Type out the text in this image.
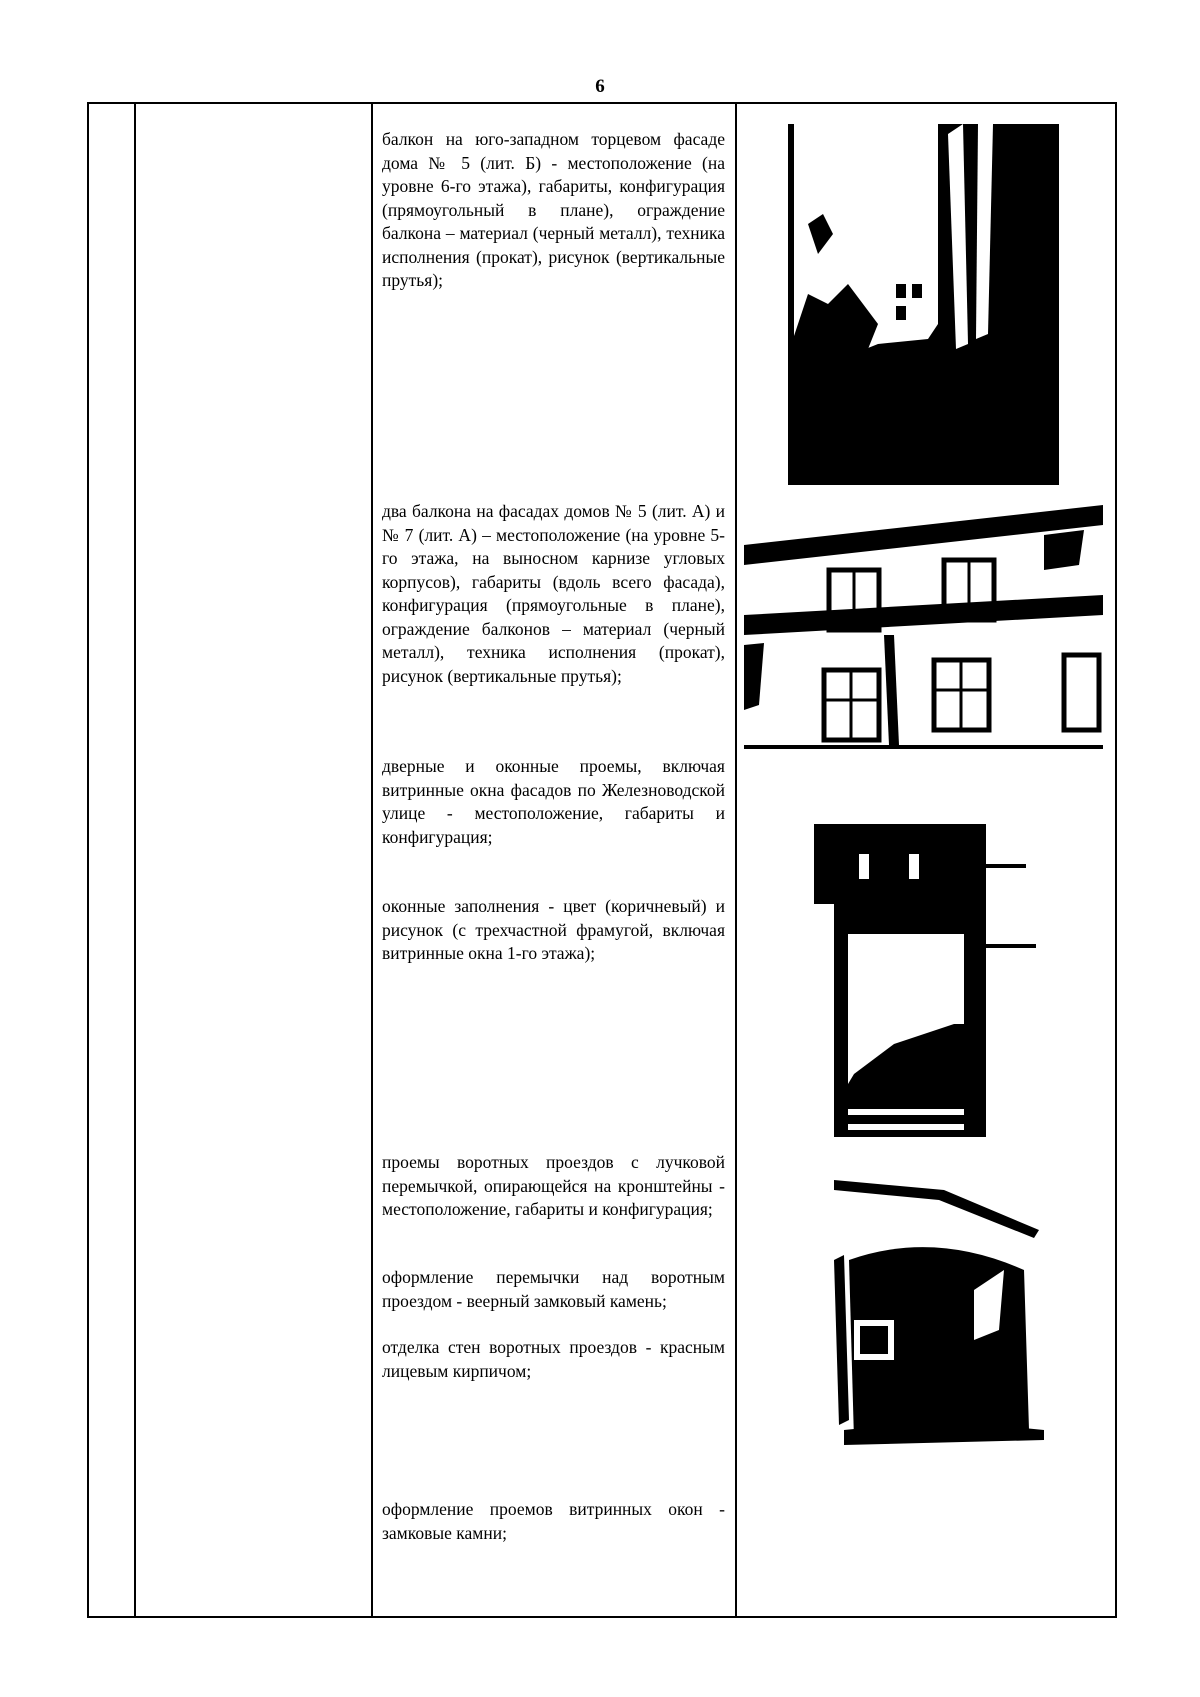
6

балкон на юго-западном торцевом фасаде дома № 5 (лит. Б) - местоположение (на уровне 6-го этажа), габариты, конфигурация (прямоугольный в плане), ограждение балкона – материал (черный металл), техника исполнения (прокат), рисунок (вертикальные прутья);

два балкона на фасадах домов № 5 (лит. А) и № 7 (лит. А) – местоположение (на уровне 5-го этажа, на выносном карнизе угловых корпусов), габариты (вдоль всего фасада), конфигурация (прямоугольные в плане), ограждение балконов – материал (черный металл), техника исполнения (прокат), рисунок (вертикальные прутья);

дверные и оконные проемы, включая витринные окна фасадов по Железноводской улице - местоположение, габариты и конфигурация;

оконные заполнения - цвет (коричневый) и рисунок (с трехчастной фрамугой, включая витринные окна 1-го этажа);

проемы воротных проездов с лучковой перемычкой, опирающейся на кронштейны - местоположение, габариты и конфигурация;

оформление перемычки над воротным проездом - веерный замковый камень;

отделка стен воротных проездов - красным лицевым кирпичом;

оформление проемов витринных окон - замковые камни;
